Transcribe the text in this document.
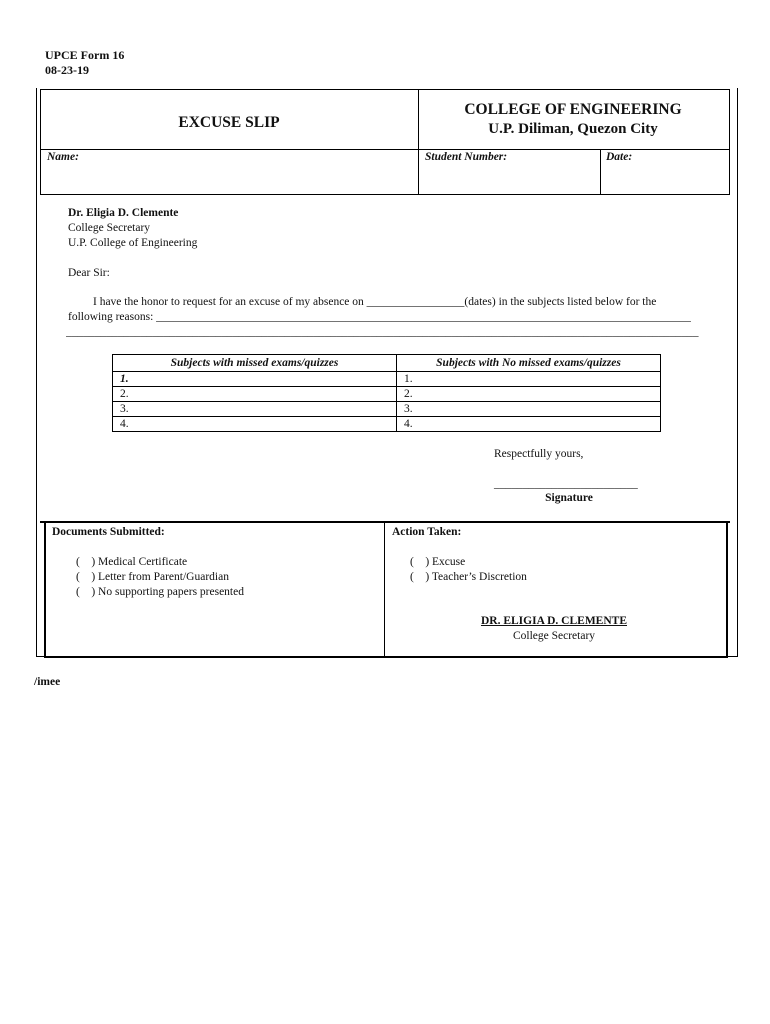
UPCE Form 16
08-23-19
EXCUSE SLIP
COLLEGE OF ENGINEERING
U.P. Diliman, Quezon City
Name:	Student Number:	Date:
Dr. Eligia D. Clemente
College Secretary
U.P. College of Engineering
Dear Sir:
I have the honor to request for an excuse of my absence on _________________(dates) in the subjects listed below for the
following reasons: _____________________________________________________________________________________________
______________________________________________________________________________________________________________
Subjects with missed exams/quizzes	Subjects with No missed exams/quizzes
1.	1.
2.	2.
3.	3.
4.	4.
Respectfully yours,
_________________________
Signature
Documents Submitted:
(    ) Medical Certificate
(    ) Letter from Parent/Guardian
(    ) No supporting papers presented
Action Taken:
(    ) Excuse
(    ) Teacher’s Discretion
DR. ELIGIA D. CLEMENTE
College Secretary
/imee
